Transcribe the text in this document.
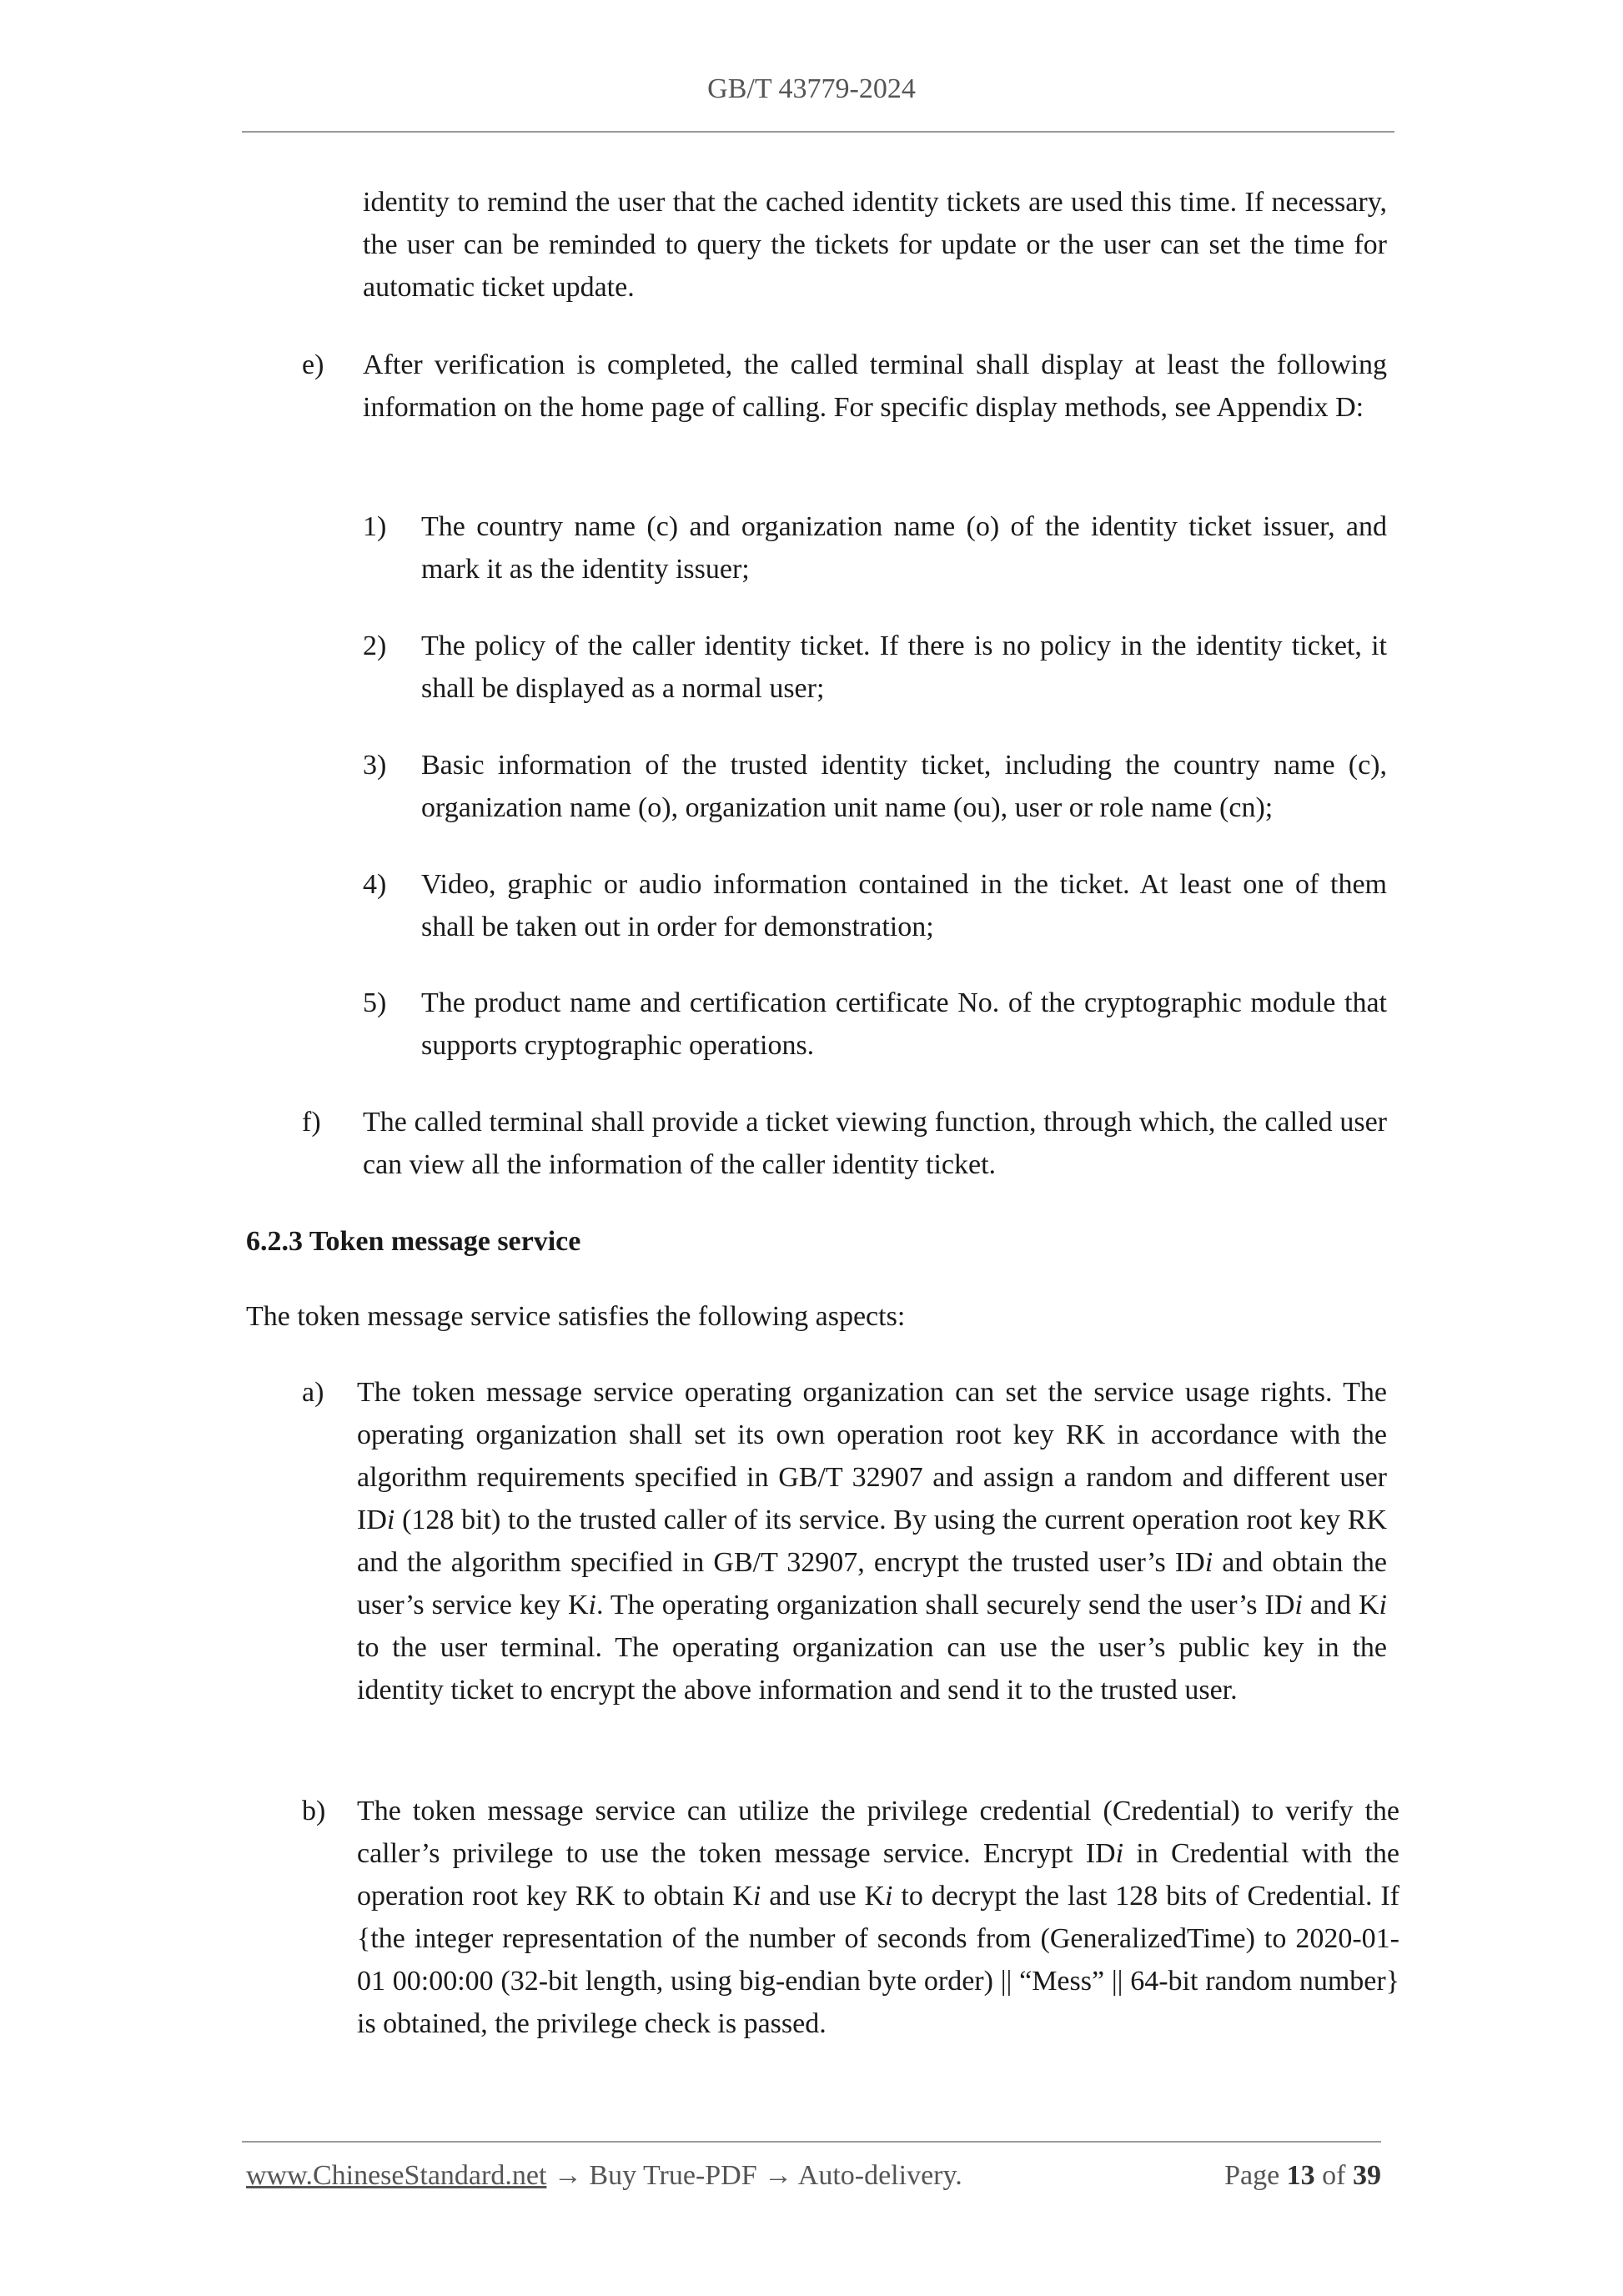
GB/T 43779-2024

identity to remind the user that the cached identity tickets are used this time. If necessary, the user can be reminded to query the tickets for update or the user can set the time for automatic ticket update.

e) After verification is completed, the called terminal shall display at least the following information on the home page of calling. For specific display methods, see Appendix D:

1) The country name (c) and organization name (o) of the identity ticket issuer, and mark it as the identity issuer;

2) The policy of the caller identity ticket. If there is no policy in the identity ticket, it shall be displayed as a normal user;

3) Basic information of the trusted identity ticket, including the country name (c), organization name (o), organization unit name (ou), user or role name (cn);

4) Video, graphic or audio information contained in the ticket. At least one of them shall be taken out in order for demonstration;

5) The product name and certification certificate No. of the cryptographic module that supports cryptographic operations.

f) The called terminal shall provide a ticket viewing function, through which, the called user can view all the information of the caller identity ticket.

6.2.3 Token message service

The token message service satisfies the following aspects:

a) The token message service operating organization can set the service usage rights. The operating organization shall set its own operation root key RK in accordance with the algorithm requirements specified in GB/T 32907 and assign a random and different user IDi (128 bit) to the trusted caller of its service. By using the current operation root key RK and the algorithm specified in GB/T 32907, encrypt the trusted user’s IDi and obtain the user’s service key Ki. The operating organization shall securely send the user’s IDi and Ki to the user terminal. The operating organization can use the user’s public key in the identity ticket to encrypt the above information and send it to the trusted user.

b) The token message service can utilize the privilege credential (Credential) to verify the caller’s privilege to use the token message service. Encrypt IDi in Credential with the operation root key RK to obtain Ki and use Ki to decrypt the last 128 bits of Credential. If {the integer representation of the number of seconds from (GeneralizedTime) to 2020-01-01 00:00:00 (32-bit length, using big-endian byte order) || “Mess” || 64-bit random number} is obtained, the privilege check is passed.

www.ChineseStandard.net → Buy True-PDF → Auto-delivery.	Page 13 of 39
